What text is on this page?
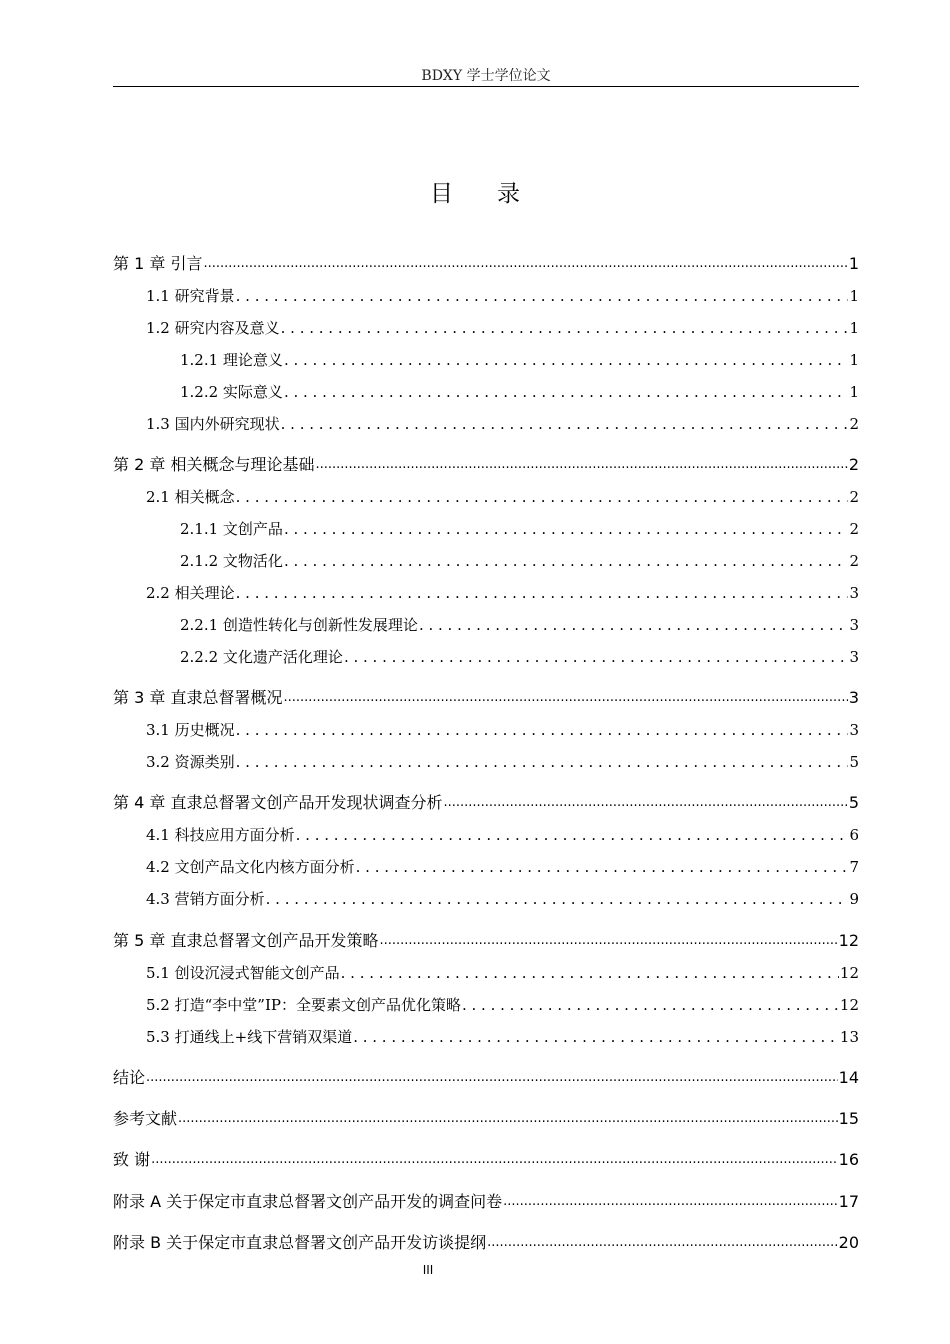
BDXY 学士学位论文
目录
第 1 章 引言 .....	1
1.1 研究背景 . . .	1
1.2 研究内容及意义 . . .	1
1.2.1 理论意义 . . .	1
1.2.2 实际意义 . . .	1
1.3 国内外研究现状 . . .	2
第 2 章 相关概念与理论基础 .....	2
2.1 相关概念 . . .	2
2.1.1 文创产品 . . .	2
2.1.2 文物活化 . . .	2
2.2 相关理论 . . .	3
2.2.1 创造性转化与创新性发展理论 . . .	3
2.2.2 文化遗产活化理论 . . .	3
第 3 章 直隶总督署概况 .....	3
3.1 历史概况 . . .	3
3.2 资源类别 . . .	5
第 4 章 直隶总督署文创产品开发现状调查分析 .....	5
4.1 科技应用方面分析 . . .	6
4.2 文创产品文化内核方面分析 . . .	7
4.3 营销方面分析 . . .	9
第 5 章 直隶总督署文创产品开发策略 .....	12
5.1 创设沉浸式智能文创产品 . . .	12
5.2 打造“李中堂”IP：全要素文创产品优化策略 . . .	12
5.3 打通线上+线下营销双渠道 . . .	13
结论 .....	14
参考文献 .....	15
致 谢 .....	16
附录 A 关于保定市直隶总督署文创产品开发的调查问卷 .....	17
附录 B 关于保定市直隶总督署文创产品开发访谈提纲 .....	20
III
